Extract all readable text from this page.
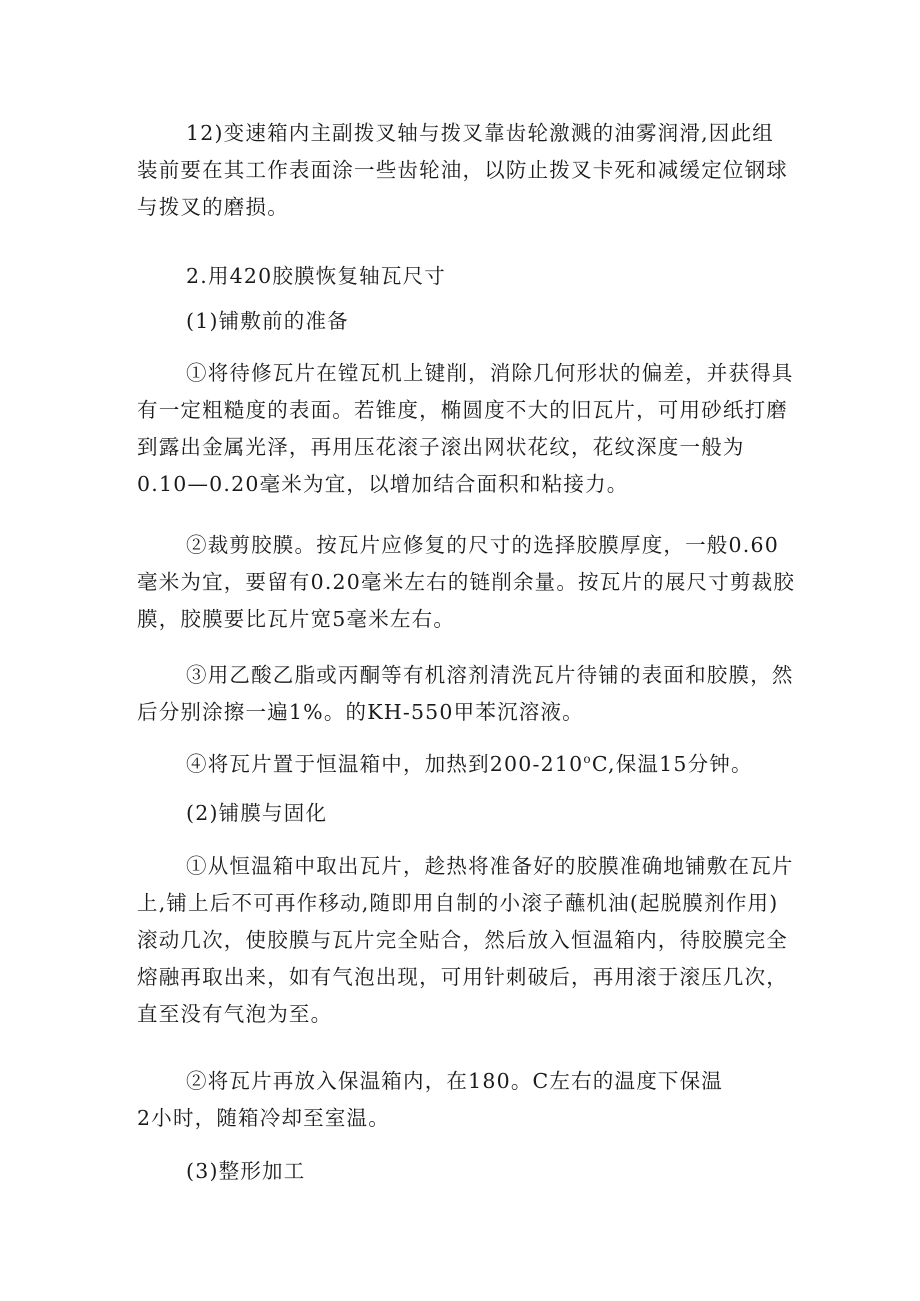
12)变速箱内主副拨叉轴与拨叉靠齿轮激溅的油雾润滑,因此组
装前要在其工作表面涂一些齿轮油，以防止拨叉卡死和减缓定位钢球
与拨叉的磨损。

2.用420胶膜恢复轴瓦尺寸

(1)铺敷前的准备

①将待修瓦片在镗瓦机上键削，消除几何形状的偏差，并获得具
有一定粗糙度的表面。若锥度，椭圆度不大的旧瓦片，可用砂纸打磨
到露出金属光泽，再用压花滚子滚出网状花纹，花纹深度一般为
0.10—0.20毫米为宜，以增加结合面积和粘接力。

②裁剪胶膜。按瓦片应修复的尺寸的选择胶膜厚度，一般0.60
毫米为宜，要留有0.20毫米左右的链削余量。按瓦片的展尺寸剪裁胶
膜，胶膜要比瓦片宽5毫米左右。

③用乙酸乙脂或丙酮等有机溶剂清洗瓦片待铺的表面和胶膜，然
后分别涂擦一遍1%。的KH-550甲苯沉溶液。

④将瓦片置于恒温箱中，加热到200-210$^o$C,保温15分钟。

(2)铺膜与固化

①从恒温箱中取出瓦片，趁热将准备好的胶膜准确地铺敷在瓦片
上,铺上后不可再作移动,随即用自制的小滚子蘸机油(起脱膜剂作用)
滚动几次，使胶膜与瓦片完全贴合，然后放入恒温箱内，待胶膜完全
熔融再取出来，如有气泡出现，可用针刺破后，再用滚于滚压几次，
直至没有气泡为至。

②将瓦片再放入保温箱内，在180。C左右的温度下保温
2小时，随箱冷却至室温。

(3)整形加工
